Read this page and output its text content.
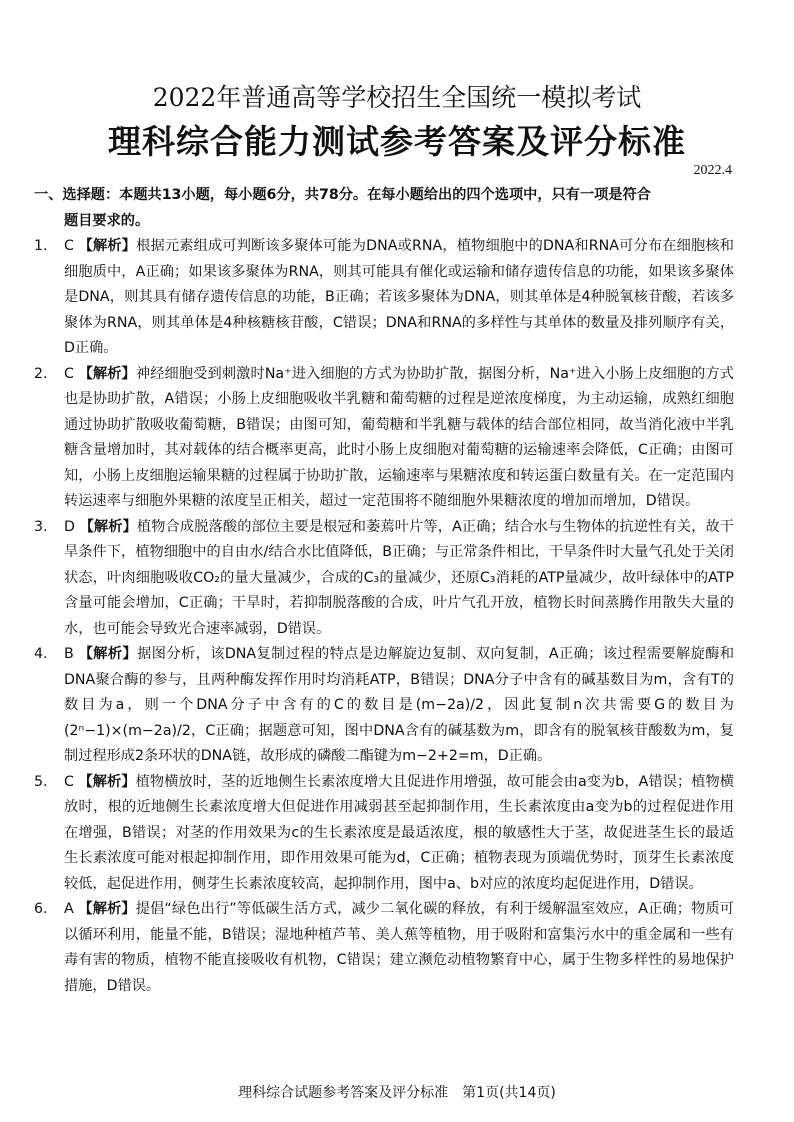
2022年普通高等学校招生全国统一模拟考试
理科综合能力测试参考答案及评分标准
2022.4

一、选择题：本题共13小题，每小题6分，共78分。在每小题给出的四个选项中，只有一项是符合
题目要求的。

1. C 【解析】根据元素组成可判断该多聚体可能为DNA或RNA，植物细胞中的DNA和RNA可分布在细胞核和细胞质中，A正确；如果该多聚体为RNA，则其可能具有催化或运输和储存遗传信息的功能，如果该多聚体是DNA，则其具有储存遗传信息的功能，B正确；若该多聚体为DNA，则其单体是4种脱氧核苷酸，若该多聚体为RNA，则其单体是4种核糖核苷酸，C错误；DNA和RNA的多样性与其单体的数量及排列顺序有关，D正确。

2. C 【解析】神经细胞受到刺激时Na⁺进入细胞的方式为协助扩散，据图分析，Na⁺进入小肠上皮细胞的方式也是协助扩散，A错误；小肠上皮细胞吸收半乳糖和葡萄糖的过程是逆浓度梯度，为主动运输，成熟红细胞通过协助扩散吸收葡萄糖，B错误；由图可知，葡萄糖和半乳糖与载体的结合部位相同，故当消化液中半乳糖含量增加时，其对载体的结合概率更高，此时小肠上皮细胞对葡萄糖的运输速率会降低，C正确；由图可知，小肠上皮细胞运输果糖的过程属于协助扩散，运输速率与果糖浓度和转运蛋白数量有关。在一定范围内转运速率与细胞外果糖的浓度呈正相关，超过一定范围将不随细胞外果糖浓度的增加而增加，D错误。

3. D 【解析】植物合成脱落酸的部位主要是根冠和萎蔫叶片等，A正确；结合水与生物体的抗逆性有关，故干旱条件下，植物细胞中的自由水/结合水比值降低，B正确；与正常条件相比，干旱条件时大量气孔处于关闭状态，叶肉细胞吸收CO₂的量大量减少，合成的C₃的量减少，还原C₃消耗的ATP量减少，故叶绿体中的ATP含量可能会增加，C正确；干旱时，若抑制脱落酸的合成，叶片气孔开放，植物长时间蒸腾作用散失大量的水，也可能会导致光合速率减弱，D错误。

4. B 【解析】据图分析，该DNA复制过程的特点是边解旋边复制、双向复制，A正确；该过程需要解旋酶和DNA聚合酶的参与，且两种酶发挥作用时均消耗ATP，B错误；DNA分子中含有的碱基数目为m，含有T的数目为a，则一个DNA分子中含有的C的数目是(m−2a)/2，因此复制n次共需要G的数目为(2ⁿ−1)×(m−2a)/2，C正确；据题意可知，图中DNA含有的碱基数为m，即含有的脱氧核苷酸数为m，复制过程形成2条环状的DNA链，故形成的磷酸二酯键为m−2+2=m，D正确。

5. C 【解析】植物横放时，茎的近地侧生长素浓度增大且促进作用增强，故可能会由a变为b，A错误；植物横放时，根的近地侧生长素浓度增大但促进作用减弱甚至起抑制作用，生长素浓度由a变为b的过程促进作用在增强，B错误；对茎的作用效果为c的生长素浓度是最适浓度，根的敏感性大于茎，故促进茎生长的最适生长素浓度可能对根起抑制作用，即作用效果可能为d，C正确；植物表现为顶端优势时，顶芽生长素浓度较低，起促进作用，侧芽生长素浓度较高，起抑制作用，图中a、b对应的浓度均起促进作用，D错误。

6. A 【解析】提倡“绿色出行”等低碳生活方式，减少二氧化碳的释放，有利于缓解温室效应，A正确；物质可以循环利用，能量不能，B错误；湿地种植芦苇、美人蕉等植物，用于吸附和富集污水中的重金属和一些有毒有害的物质，植物不能直接吸收有机物，C错误；建立濒危动植物繁育中心，属于生物多样性的易地保护措施，D错误。

理科综合试题参考答案及评分标准　第1页(共14页)
